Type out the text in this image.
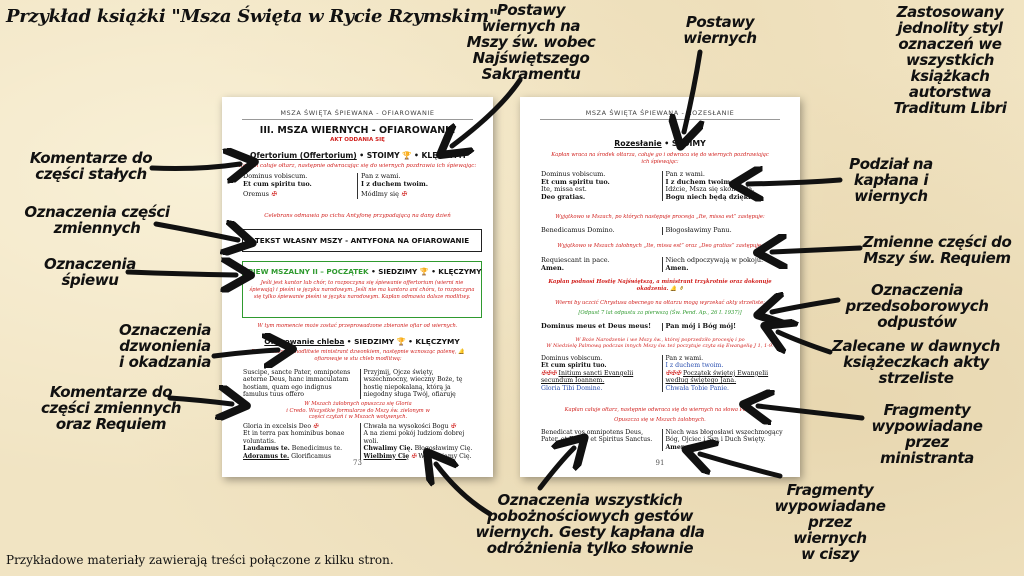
Przykład książki "Msza Święta w Rycie Rzymskim"
Przykładowe materiały zawierają treści połączone z kilku stron.
MSZA ŚWIĘTA ŚPIEWANA - OFIAROWANIE
III. MSZA WIERNYCH - OFIAROWANIE
AKT ODDANIA SIĘ
Ofertorium (Offertorium) • STOIMY 🏆 • KLĘCZYMY
Kapłan całuje ołtarz, następnie odwracając się do wiernych pozdrawia ich śpiewając:
Dominus vobiscum.
Et cum spiritu tuo.
Oremus ✠
Pan z wami.
I z duchem twoim.
Módlmy się ✠
Celebrans odmawia po cichu Antyfonę przypadającą na dany dzień
TEKST WŁASNY MSZY - ANTYFONA NA OFIAROWANIE
ŚPIEW MSZALNY II – POCZĄTEK • SIEDZIMY 🏆 • KLĘCZYMY
Jeśli jest kantor lub chór, to rozpoczyna się śpiewanie offertorium (wierni nie
śpiewają) i pieśni w języku narodowym. Jeśli nie ma kantora ani chóru, to rozpoczyna
się tylko śpiewanie pieśni w języku narodowym. Kapłan odmawia dalsze modlitwy.
W tym momencie może zostać przeprowadzone zbieranie ofiar od wiernych.
Ofiarowanie chleba • SIEDZIMY 🏆 • KLĘCZYMY
Po zakończonej modlitwie ministrant dzwonkiem, następnie wznosząc patenę, 🔔
ofiarowuje w stu chleb modlitwą:
Suscipe, sancte Pater, omnipotens aeterne Deus, hanc immaculatam hostiam, quam ego indignus famulus tuus offero
Przyjmij, Ojcze święty, wszechmocny, wieczny Boże, tę hostię niepokalaną, którą ja niegodny sługa Twój, ofiaruję
W Mszach żałobnych opuszcza się Gloria
i Credo. Wszystkie formularze do Mszy św. zielonym w
części czytań i w Mszach wotywnych.
Gloria in excelsis Deo ✠
Et in terra pax hominibus bonae voluntatis.
Laudamus te. Benedicimus te.
Adoramus te. Glorificamus
Chwała na wysokości Bogu ✠
A na ziemi pokój ludziom dobrej woli.
Chwalimy Cię. Błogosławimy Cię.
Wielbimy Cię ✠ Wysławiamy Cię.
73
MSZA ŚWIĘTA ŚPIEWANA - ROZESŁANIE
Rozesłanie • STOIMY
Kapłan wraca na środek ołtarza, całuje go i odwraca się do wiernych pozdrawiając
ich śpiewając:
Dominus vobiscum.
Et cum spiritu tuo.
Ite, missa est.
Deo gratias.
Pan z wami.
I z duchem twoim.
Idźcie, Msza się skończyła.
Bogu niech będą dzięki.
Wyjątkowo w Mszach, po których następuje procesja „Ite, missa est” zastępuje:
Benedicamus Domino.	Błogosławimy Panu.
Wyjątkowo w Mszach żałobnych „Ite, missa est” oraz „Deo gratias” zastępuje:
Requiescant in pace.
Amen.
Niech odpoczywają w pokoju.
Amen.
Kapłan podnosi Hostię Najświętszą, a ministrant trzykrotnie oraz dokonuje okadzenia. 🔔 ⚱
Wierni by uczcić Chrystusa obecnego na ołtarzu mogą wyrzekać akty strzeliste:
[Odpust 7 lat odpustu za pierwszą (Św. Pend. Ap., 26 I. 1937)]
Dominus meus et Deus meus!	Pan mój i Bóg mój!
W Boże Narodzenie i we Mszy św., której poprzedziło procesję i po
W Niedzielę Palmową podczas innych Mszy św. też poczytuje czyta się Ewangelię J 1, 1-9.
Dominus vobiscum.
Et cum spiritu tuo.
✠✠✠ Initium sancti Evangelii secundum Ioannem.
Gloria Tibi Domine.
Pan z wami.
I z duchem twoim.
✠✠✠ Początek świętej Ewangelii według świętego Jana.
Chwała Tobie Panie.
Kapłan całuje ołtarz, następnie odwraca się do wiernych na słowa Pater:
Opuszcza się w Mszach żałobnych.
Benedicat vos omnipotens Deus, Pater, et Filius, et Spiritus Sanctus.
Niech was błogosławi wszechmogący Bóg, Ojciec i Syn i Duch Święty.
Amen.
91
Postawy
wiernych na
Mszy św. wobec
Najświętszego
Sakramentu
Postawy
wiernych
Zastosowany
jednolity styl
oznaczeń we
wszystkich
książkach
autorstwa
Traditum Libri
Komentarze do
części stałych
Oznaczenia części
zmiennych
Oznaczenia
śpiewu
Oznaczenia
dzwonienia
i okadzania
Komentarze do
części zmiennych
oraz Requiem
Podział na
kapłana i
wiernych
Zmienne części do
Mszy św. Requiem
Oznaczenia
przedsoborowych
odpustów
Zalecane w dawnych
książeczkach akty
strzeliste
Fragmenty
wypowiadane przez
ministranta
Fragmenty
wypowiadane
przez wiernych
w ciszy
Oznaczenia wszystkich
pobożnościowych gestów
wiernych. Gesty kapłana dla
odróżnienia tylko słownie
